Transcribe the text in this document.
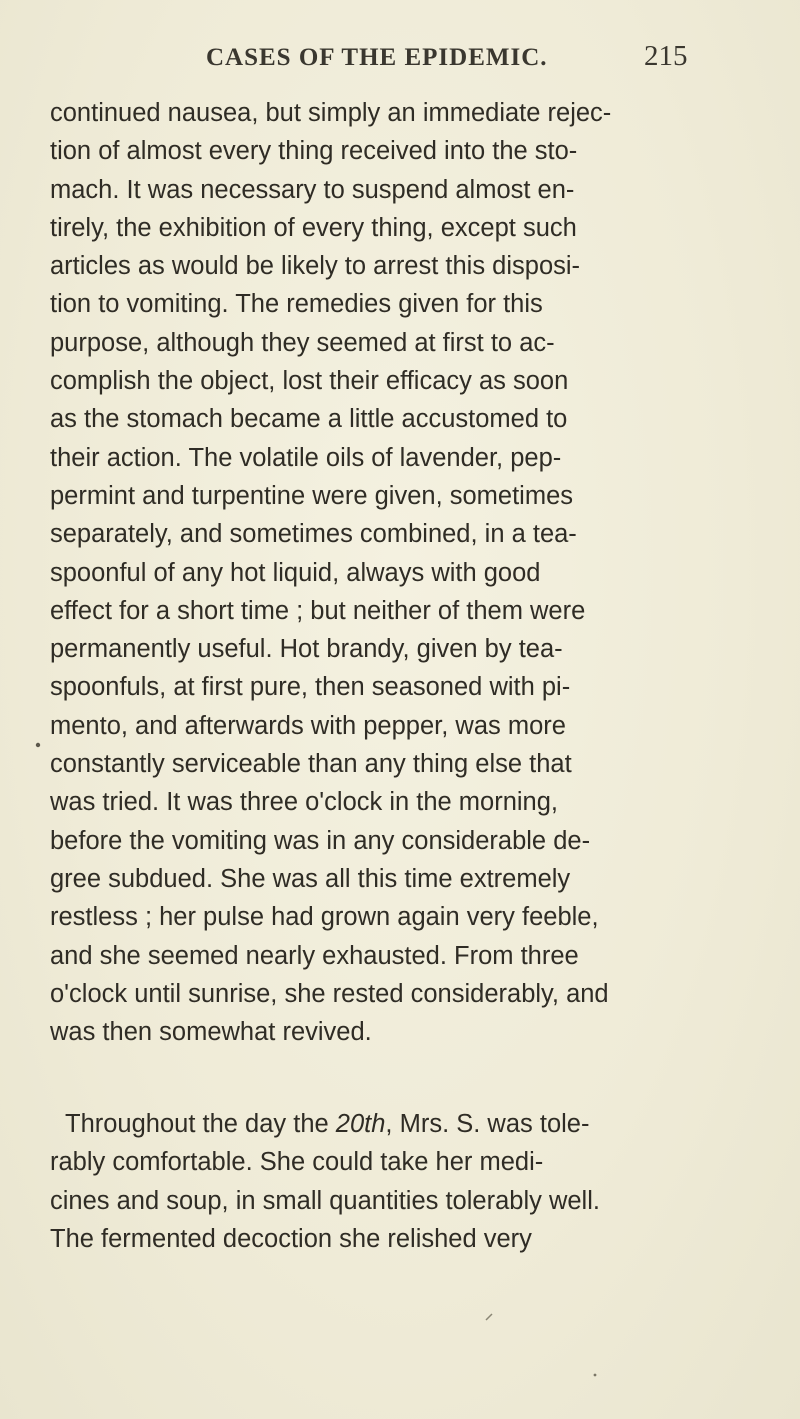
CASES OF THE EPIDEMIC.	215
continued nausea, but simply an immediate rejec-
tion of almost every thing received into the sto-
mach. It was necessary to suspend almost en-
tirely, the exhibition of every thing, except such
articles as would be likely to arrest this disposi-
tion to vomiting. The remedies given for this
purpose, although they seemed at first to ac-
complish the object, lost their efficacy as soon
as the stomach became a little accustomed to
their action. The volatile oils of lavender, pep-
permint and turpentine were given, sometimes
separately, and sometimes combined, in a tea-
spoonful of any hot liquid, always with good
effect for a short time ; but neither of them were
permanently useful. Hot brandy, given by tea-
spoonfuls, at first pure, then seasoned with pi-
mento, and afterwards with pepper, was more
constantly serviceable than any thing else that
was tried. It was three o'clock in the morning,
before the vomiting was in any considerable de-
gree subdued. She was all this time extremely
restless ; her pulse had grown again very feeble,
and she seemed nearly exhausted. From three
o'clock until sunrise, she rested considerably, and
was then somewhat revived.
Throughout the day the 20th, Mrs. S. was tole-
rably comfortable. She could take her medi-
cines and soup, in small quantities tolerably well.
The fermented decoction she relished very
